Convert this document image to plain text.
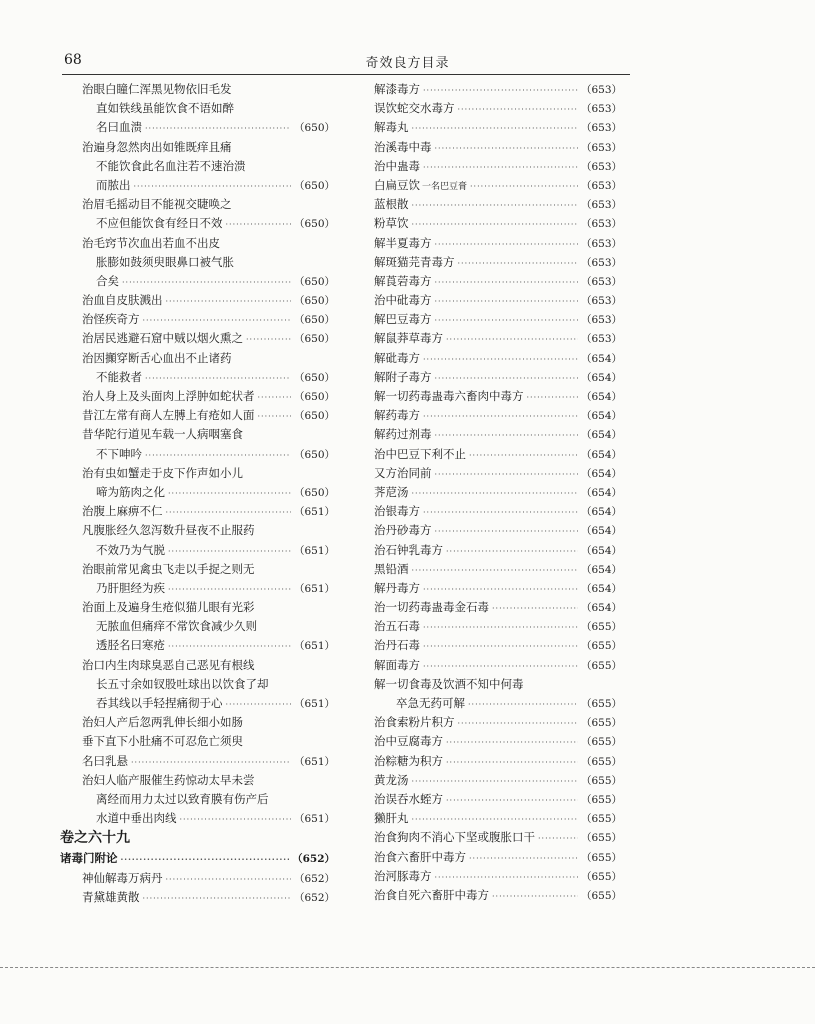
68	奇效良方目录
治眼白瞳仁浑黑见物依旧毛发
直如铁线虽能饮食不语如醉
名曰血溃 ·····	（650）
治遍身忽然肉出如锥既痒且痛
不能饮食此名血注若不速治溃
而脓出 ·····	（650）
治眉毛摇动目不能视交睫唤之
不应但能饮食有经日不效 ·····	（650）
治毛窍节次血出若血不出皮
胀膨如鼓须臾眼鼻口被气胀
合矣 ·····	（650）
治血自皮肤溅出 ·····	（650）
治怪疾奇方 ·····	（650）
治居民逃避石窟中贼以烟火熏之 ·····	（650）
治因攧穿断舌心血出不止诸药
不能救者 ·····	（650）
治人身上及头面肉上浮肿如蛇状者 ·····	（650）
昔江左常有商人左膊上有疮如人面 ·····	（650）
昔华陀行道见车载一人病咽塞食
不下呻吟 ·····	（650）
治有虫如蟹走于皮下作声如小儿
啼为筋肉之化 ·····	（650）
治腹上麻痹不仁 ·····	（651）
凡腹胀经久忽泻数升昼夜不止服药
不效乃为气脱 ·····	（651）
治眼前常见禽虫飞走以手捉之则无
乃肝胆经为疾 ·····	（651）
治面上及遍身生疮似猫儿眼有光彩
无脓血但痛痒不常饮食减少久则
透胫名曰寒疮 ·····	（651）
治口内生肉球臭恶自己恶见有根线
长五寸余如钗股吐球出以饮食了却
吞其线以手轻捏痛彻于心 ·····	（651）
治妇人产后忽两乳伸长细小如肠
垂下直下小肚痛不可忍危亡须臾
名曰乳悬 ·····	（651）
治妇人临产服催生药惊动太早未尝
离经而用力太过以致育膜有伤产后
水道中垂出肉线 ·····	（651）
卷之六十九
诸毒门附论 ·····	（652）
神仙解毒万病丹 ·····	（652）
青黛雄黄散 ·····	（652）
解漆毒方 ·····	（653）
误饮蛇交水毒方 ·····	（653）
解毒丸 ·····	（653）
治溪毒中毒 ·····	（653）
治中蛊毒 ·····	（653）
白扁豆饮 一名巴豆膏 ·····	（653）
蓝根散 ·····	（653）
粉草饮 ·····	（653）
解半夏毒方 ·····	（653）
解斑猫芫青毒方 ·····	（653）
解莨菪毒方 ·····	（653）
治中砒毒方 ·····	（653）
解巴豆毒方 ·····	（653）
解鼠莽草毒方 ·····	（653）
解砒毒方 ·····	（654）
解附子毒方 ·····	（654）
解一切药毒蛊毒六畜肉中毒方 ·····	（654）
解药毒方 ·····	（654）
解药过剂毒 ·····	（654）
治中巴豆下利不止 ·····	（654）
又方治同前 ·····	（654）
荠苨汤 ·····	（654）
治银毒方 ·····	（654）
治丹砂毒方 ·····	（654）
治石钟乳毒方 ·····	（654）
黑铅酒 ·····	（654）
解丹毒方 ·····	（654）
治一切药毒蛊毒金石毒 ·····	（654）
治五石毒 ·····	（655）
治丹石毒 ·····	（655）
解面毒方 ·····	（655）
解一切食毒及饮酒不知中何毒
卒急无药可解 ·····	（655）
治食索粉片积方 ·····	（655）
治中豆腐毒方 ·····	（655）
治粽糖为积方 ·····	（655）
黄龙汤 ·····	（655）
治误吞水蛭方 ·····	（655）
獭肝丸 ·····	（655）
治食狗肉不消心下坚或腹胀口干 ·····	（655）
治食六畜肝中毒方 ·····	（655）
治河豚毒方 ·····	（655）
治食自死六畜肝中毒方 ·····	（655）
